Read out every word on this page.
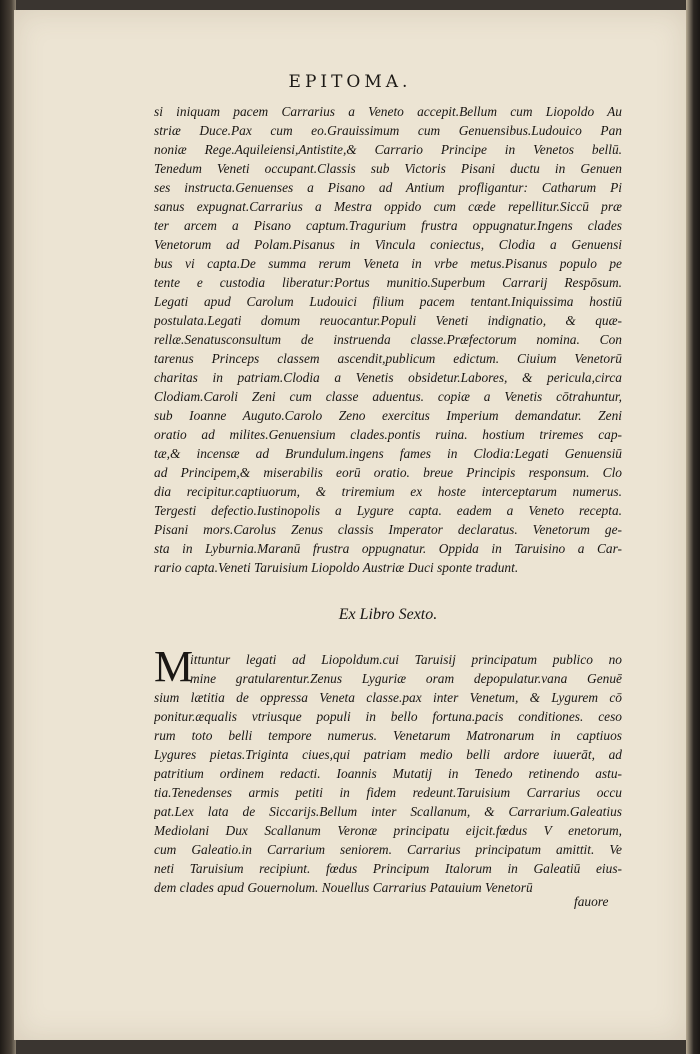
EPITOMA.
si iniquam pacem Carrarius a Veneto accepit.Bellum cum Liopoldo Au
striæ Duce.Pax cum eo.Grauissimum cum Genuensibus.Ludouico Pan
noniæ Rege.Aquileiensi,Antistite,& Carrario Principe in Venetos bellū.
Tenedum Veneti occupant.Classis sub Victoris Pisani ductu in Genuen
ses instructa.Genuenses a Pisano ad Antium profligantur: Catharum Pi
sanus expugnat.Carrarius a Mestra oppido cum cæde repellitur.Siccū præ
ter arcem a Pisano captum.Tragurium frustra oppugnatur.Ingens clades
Venetorum ad Polam.Pisanus in Vincula coniectus, Clodia a Genuensi
bus vi capta.De summa rerum Veneta in vrbe metus.Pisanus populo pe
tente e custodia liberatur:Portus munitio.Superbum Carrarij Respōsum.
Legati apud Carolum Ludouici filium pacem tentant.Iniquissima hostiū
postulata.Legati domum reuocantur.Populi Veneti indignatio, & quæ-
rellæ.Senatusconsultum de instruenda classe.Præfectorum nomina. Con
tarenus Princeps classem ascendit,publicum edictum. Ciuium Venetorū
charitas in patriam.Clodia a Venetis obsidetur.Labores, & pericula,circa
Clodiam.Caroli Zeni cum classe aduentus. copiæ a Venetis cōtrahuntur,
sub Ioanne Auguto.Carolo Zeno exercitus Imperium demandatur. Zeni
oratio ad milites.Genuensium clades.pontis ruina. hostium triremes cap-
tæ,& incensæ ad Brundulum.ingens fames in Clodia:Legati Genuensiū
ad Principem,& miserabilis eorū oratio. breue Principis responsum. Clo
dia recipitur.captiuorum, & triremium ex hoste interceptarum numerus.
Tergesti defectio.Iustinopolis a Lygure capta. eadem a Veneto recepta.
Pisani mors.Carolus Zenus classis Imperator declaratus. Venetorum ge-
sta in Lyburnia.Maranū frustra oppugnatur. Oppida in Taruisino a Car-
rario capta.Veneti Taruisium Liopoldo Austriæ Duci sponte tradunt.
Ex Libro Sexto.
M
ittuntur legati ad Liopoldum.cui Taruisij principatum publico no
mine gratularentur.Zenus Lyguriæ oram depopulatur.vana Genuē
sium lætitia de oppressa Veneta classe.pax inter Venetum, & Lygurem cō
ponitur.æqualis vtriusque populi in bello fortuna.pacis conditiones. ceso
rum toto belli tempore numerus. Venetarum Matronarum in captiuos
Lygures pietas.Triginta ciues,qui patriam medio belli ardore iuuerāt, ad
patritium ordinem redacti. Ioannis Mutatij in Tenedo retinendo astu-
tia.Tenedenses armis petiti in fidem redeunt.Taruisium Carrarius occu
pat.Lex lata de Siccarijs.Bellum inter Scallanum, & Carrarium.Galeatius
Mediolani Dux Scallanum Veronæ principatu eijcit.fœdus V enetorum,
cum Galeatio.in Carrarium seniorem. Carrarius principatum amittit. Ve
neti Taruisium recipiunt. fœdus Principum Italorum in Galeatiū eius-
dem clades apud Gouernolum. Nouellus Carrarius Patauium Venetorū
fauore
